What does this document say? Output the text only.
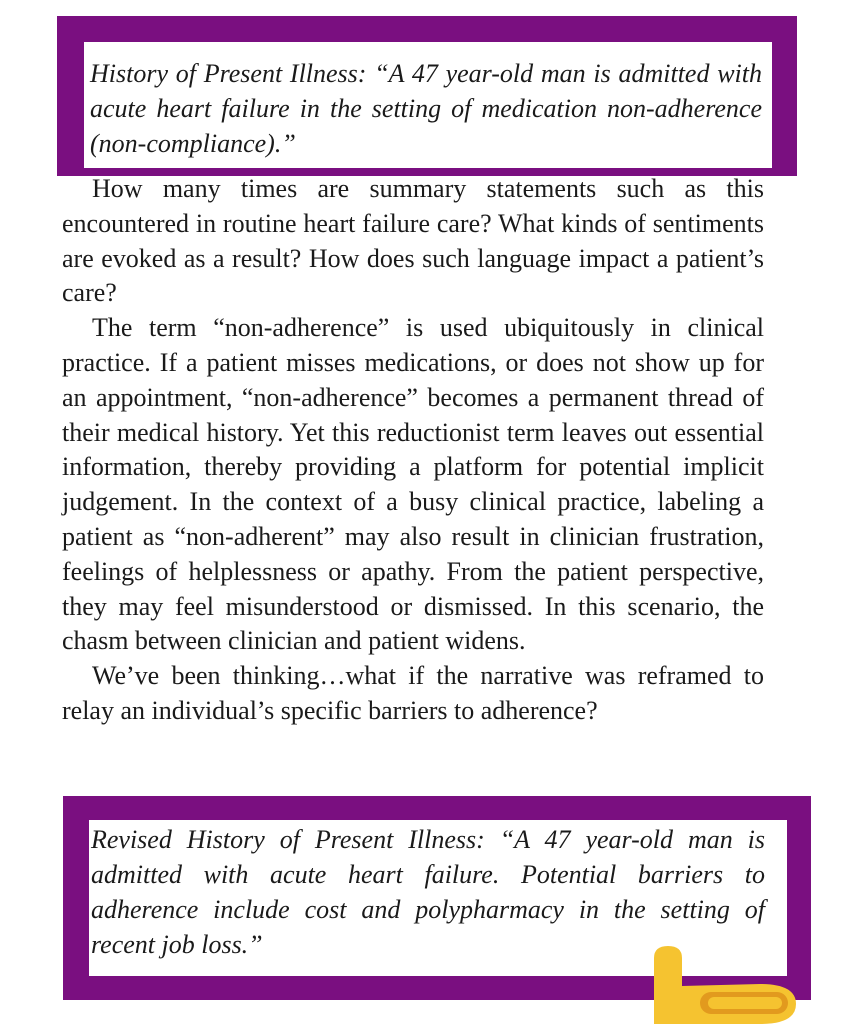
History of Present Illness: “A 47 year-old man is admitted with acute heart failure in the setting of medication non-adherence (non-compliance).”

How many times are summary statements such as this encountered in routine heart failure care? What kinds of sentiments are evoked as a result? How does such language impact a patient’s care?

The term “non-adherence” is used ubiquitously in clinical practice. If a patient misses medications, or does not show up for an appointment, “non-adherence” becomes a permanent thread of their medical history. Yet this reductionist term leaves out essential information, thereby providing a platform for potential implicit judgement. In the context of a busy clinical practice, labeling a patient as “non-adherent” may also result in clinician frustration, feelings of helplessness or apathy. From the patient perspective, they may feel misunderstood or dismissed. In this scenario, the chasm between clinician and patient widens.

We’ve been thinking…what if the narrative was reframed to relay an individual’s specific barriers to adherence?

Revised History of Present Illness: “A 47 year-old man is admitted with acute heart failure. Potential barriers to adherence include cost and polypharmacy in the setting of recent job loss.”
